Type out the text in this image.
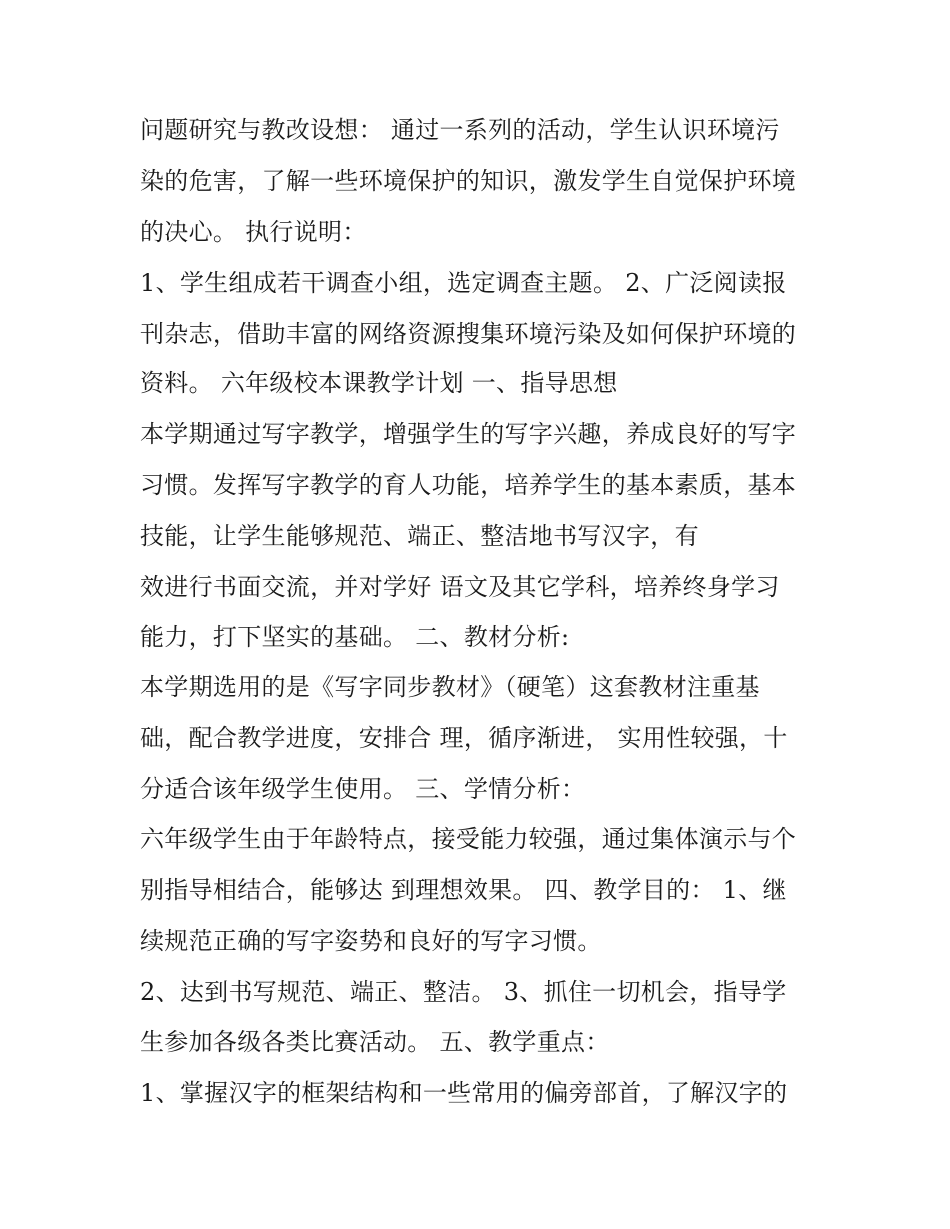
问题研究与教改设想： 通过一系列的活动，学生认识环境污
染的危害，了解一些环境保护的知识，激发学生自觉保护环境
的决心。 执行说明：
1、学生组成若干调查小组，选定调查主题。 2、广泛阅读报
刊杂志，借助丰富的网络资源搜集环境污染及如何保护环境的
资料。 六年级校本课教学计划 一、指导思想
本学期通过写字教学，增强学生的写字兴趣，养成良好的写字
习惯。发挥写字教学的育人功能，培养学生的基本素质，基本
技能，让学生能够规范、端正、整洁地书写汉字，有
效进行书面交流，并对学好 语文及其它学科，培养终身学习
能力，打下坚实的基础。 二、教材分析:
本学期选用的是《写字同步教材》（硬笔）这套教材注重基
础，配合教学进度，安排合 理，循序渐进， 实用性较强，十
分适合该年级学生使用。 三、学情分析：
六年级学生由于年龄特点，接受能力较强，通过集体演示与个
别指导相结合，能够达 到理想效果。 四、教学目的： 1、继
续规范正确的写字姿势和良好的写字习惯。
2、达到书写规范、端正、整洁。 3、抓住一切机会，指导学
生参加各级各类比赛活动。 五、教学重点：
1、掌握汉字的框架结构和一些常用的偏旁部首，了解汉字的
